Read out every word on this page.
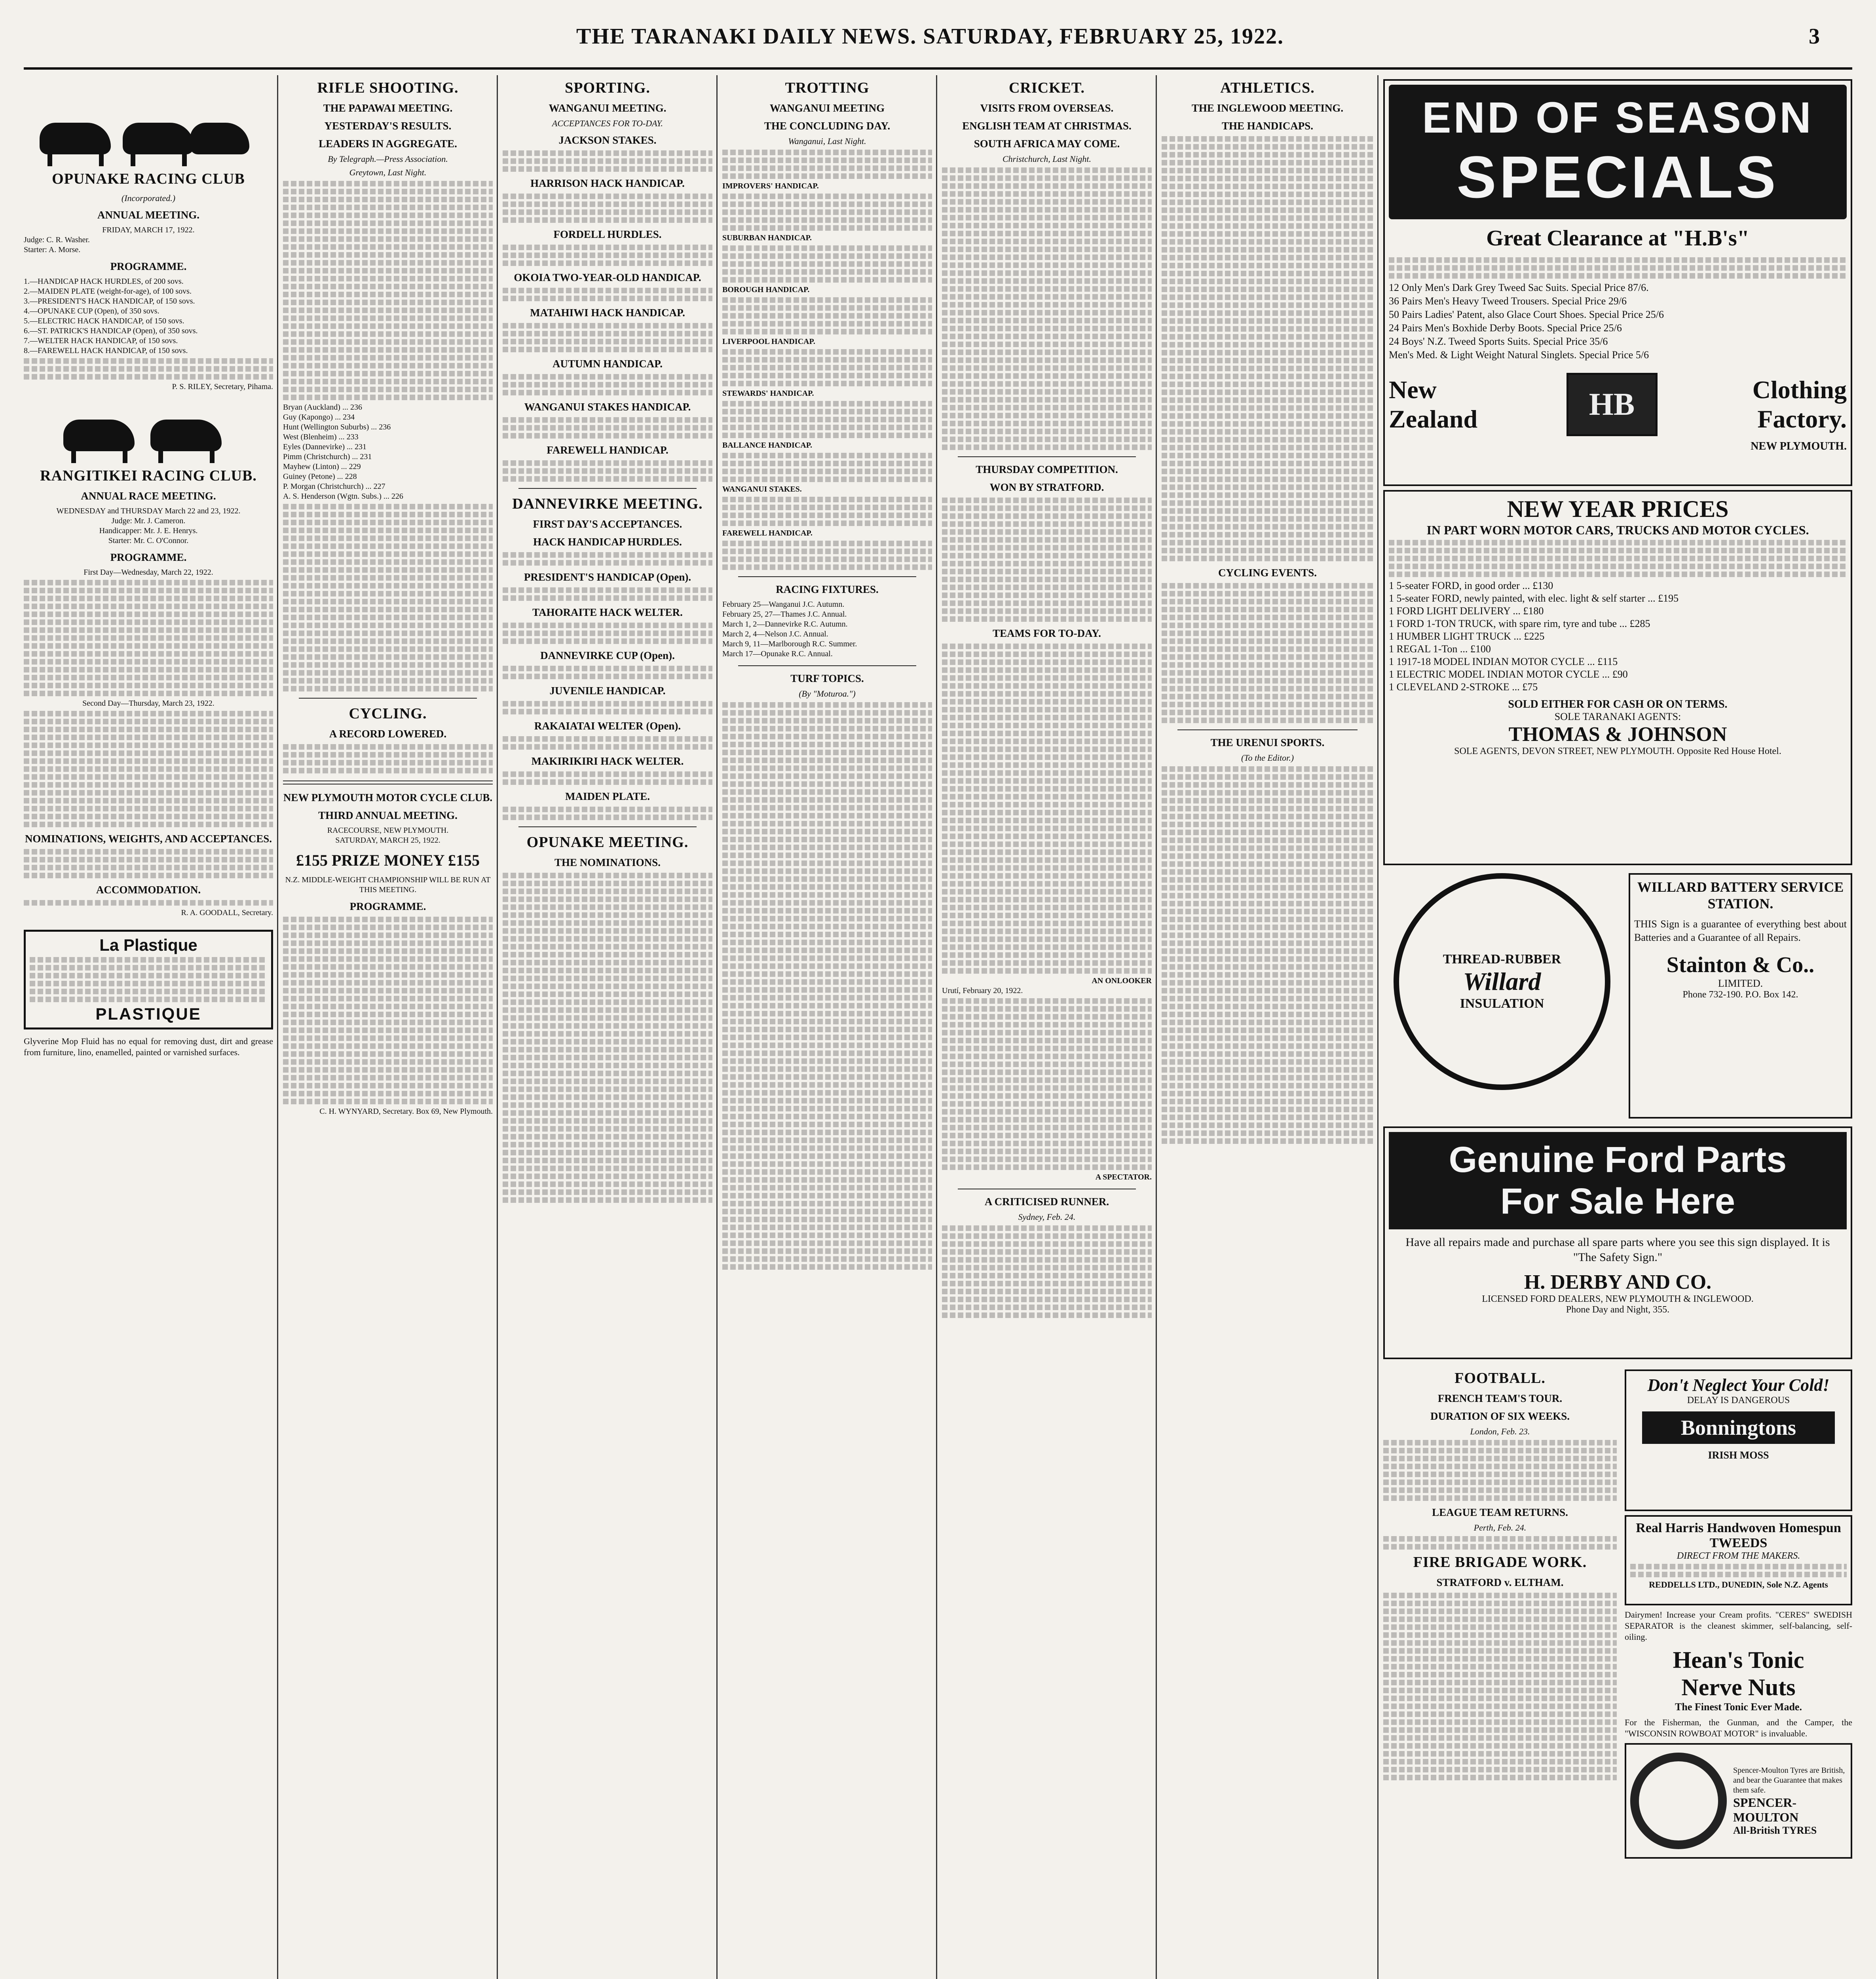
THE TARANAKI DAILY NEWS. SATURDAY, FEBRUARY 25, 1922.	3
OPUNAKE RACING CLUB
(Incorporated.)
ANNUAL MEETING.
FRIDAY, MARCH 17, 1922.
Judge: C. R. Washer.
Starter: A. Morse.
PROGRAMME.
1.—HANDICAP HACK HURDLES, of 200 sovs.
2.—MAIDEN PLATE (weight-for-age), of 100 sovs.
3.—PRESIDENT'S HACK HANDICAP, of 150 sovs.
4.—OPUNAKE CUP (Open), of 350 sovs.
5.—ELECTRIC HACK HANDICAP, of 150 sovs.
6.—ST. PATRICK'S HANDICAP (Open), of 350 sovs.
7.—WELTER HACK HANDICAP, of 150 sovs.
8.—FAREWELL HACK HANDICAP, of 150 sovs.
P. S. RILEY, Secretary, Pihama.
RANGITIKEI RACING CLUB.
ANNUAL RACE MEETING.
WEDNESDAY and THURSDAY March 22 and 23, 1922.
Judge: Mr. J. Cameron.
Handicapper: Mr. J. E. Henrys.
Starter: Mr. C. O'Connor.
PROGRAMME.
First Day—Wednesday, March 22, 1922.
Second Day—Thursday, March 23, 1922.
NOMINATIONS, WEIGHTS, AND ACCEPTANCES.
ACCOMMODATION.
R. A. GOODALL, Secretary.
La Plastique
PLASTIQUE
Glyverine Mop Fluid has no equal for removing dust, dirt and grease from furniture, lino, enamelled, painted or varnished surfaces.
RIFLE SHOOTING.
THE PAPAWAI MEETING.
YESTERDAY'S RESULTS.
LEADERS IN AGGREGATE.
By Telegraph.—Press Association.
Greytown, Last Night.
Bryan (Auckland) ... 236
Guy (Kapongo) ... 234
Hunt (Wellington Suburbs) ... 236
West (Blenheim) ... 233
Eyles (Dannevirke) ... 231
Pimm (Christchurch) ... 231
Mayhew (Linton) ... 229
Guiney (Petone) ... 228
P. Morgan (Christchurch) ... 227
A. S. Henderson (Wgtn. Subs.) ... 226
CYCLING.
A RECORD LOWERED.
NEW PLYMOUTH MOTOR CYCLE CLUB.
THIRD ANNUAL MEETING.
RACECOURSE, NEW PLYMOUTH.
SATURDAY, MARCH 25, 1922.
£155 PRIZE MONEY £155
N.Z. MIDDLE-WEIGHT CHAMPIONSHIP WILL BE RUN AT THIS MEETING.
PROGRAMME.
C. H. WYNYARD, Secretary. Box 69, New Plymouth.
SPORTING.
WANGANUI MEETING.
ACCEPTANCES FOR TO-DAY.
JACKSON STAKES.
HARRISON HACK HANDICAP.
FORDELL HURDLES.
OKOIA TWO-YEAR-OLD HANDICAP.
MATAHIWI HACK HANDICAP.
AUTUMN HANDICAP.
WANGANUI STAKES HANDICAP.
FAREWELL HANDICAP.
DANNEVIRKE MEETING.
FIRST DAY'S ACCEPTANCES.
HACK HANDICAP HURDLES.
PRESIDENT'S HANDICAP (Open).
TAHORAITE HACK WELTER.
DANNEVIRKE CUP (Open).
JUVENILE HANDICAP.
RAKAIATAI WELTER (Open).
MAKIRIKIRI HACK WELTER.
MAIDEN PLATE.
OPUNAKE MEETING.
THE NOMINATIONS.
TROTTING
WANGANUI MEETING
THE CONCLUDING DAY.
Wanganui, Last Night.
IMPROVERS' HANDICAP.
SUBURBAN HANDICAP.
BOROUGH HANDICAP.
LIVERPOOL HANDICAP.
STEWARDS' HANDICAP.
BALLANCE HANDICAP.
WANGANUI STAKES.
FAREWELL HANDICAP.
RACING FIXTURES.
February 25—Wanganui J.C. Autumn.
February 25, 27—Thames J.C. Annual.
March 1, 2—Dannevirke R.C. Autumn.
March 2, 4—Nelson J.C. Annual.
March 9, 11—Marlborough R.C. Summer.
March 17—Opunake R.C. Annual.
TURF TOPICS.
(By "Moturoa.")
CRICKET.
VISITS FROM OVERSEAS.
ENGLISH TEAM AT CHRISTMAS.
SOUTH AFRICA MAY COME.
Christchurch, Last Night.
THURSDAY COMPETITION.
WON BY STRATFORD.
TEAMS FOR TO-DAY.
AN ONLOOKER
Urutí, February 20, 1922.
A SPECTATOR.
A CRITICISED RUNNER.
Sydney, Feb. 24.
ATHLETICS.
THE INGLEWOOD MEETING.
THE HANDICAPS.
CYCLING EVENTS.
THE URENUI SPORTS.
(To the Editor.)
END OF SEASON
SPECIALS
Great Clearance at "H.B's"
12 Only Men's Dark Grey Tweed Sac Suits. Special Price 87/6.
36 Pairs Men's Heavy Tweed Trousers. Special Price 29/6
50 Pairs Ladies' Patent, also Glace Court Shoes. Special Price 25/6
24 Pairs Men's Boxhide Derby Boots. Special Price 25/6
24 Boys' N.Z. Tweed Sports Suits. Special Price 35/6
Men's Med. & Light Weight Natural Singlets. Special Price 5/6
New Zealand	HB	Clothing Factory.
NEW PLYMOUTH.
NEW YEAR PRICES
IN PART WORN MOTOR CARS, TRUCKS AND MOTOR CYCLES.
1 5-seater FORD, in good order ... £130
1 5-seater FORD, newly painted, with elec. light & self starter ... £195
1 FORD LIGHT DELIVERY ... £180
1 FORD 1-TON TRUCK, with spare rim, tyre and tube ... £285
1 HUMBER LIGHT TRUCK ... £225
1 REGAL 1-Ton ... £100
1 1917-18 MODEL INDIAN MOTOR CYCLE ... £115
1 ELECTRIC MODEL INDIAN MOTOR CYCLE ... £90
1 CLEVELAND 2-STROKE ... £75
SOLD EITHER FOR CASH OR ON TERMS.
SOLE TARANAKI AGENTS:
THOMAS & JOHNSON
SOLE AGENTS, DEVON STREET, NEW PLYMOUTH. Opposite Red House Hotel.
THREAD-RUBBER
Willard
INSULATION
WILLARD BATTERY SERVICE STATION.
THIS Sign is a guarantee of everything best about Batteries and a Guarantee of all Repairs.
Stainton & Co..
LIMITED.
Phone 732-190. P.O. Box 142.
Genuine Ford Parts
For Sale Here
Have all repairs made and purchase all spare parts where you see this sign displayed. It is "The Safety Sign."
H. DERBY AND CO.
LICENSED FORD DEALERS, NEW PLYMOUTH & INGLEWOOD.
Phone Day and Night, 355.
FOOTBALL.
FRENCH TEAM'S TOUR.
DURATION OF SIX WEEKS.
London, Feb. 23.
LEAGUE TEAM RETURNS.
Perth, Feb. 24.
FIRE BRIGADE WORK.
STRATFORD v. ELTHAM.
Don't Neglect Your Cold!
DELAY IS DANGEROUS
Bonningtons
IRISH MOSS
Real Harris Handwoven Homespun TWEEDS
DIRECT FROM THE MAKERS.
REDDELLS LTD., DUNEDIN, Sole N.Z. Agents
Dairymen! Increase your Cream profits. "CERES" SWEDISH SEPARATOR is the cleanest skimmer, self-balancing, self-oiling.
Hean's Tonic
Nerve Nuts
The Finest Tonic Ever Made.
For the Fisherman, the Gunman, and the Camper, the "WISCONSIN ROWBOAT MOTOR" is invaluable.
Spencer-Moulton Tyres are British, and bear the Guarantee that makes them safe.
SPENCER-MOULTON
All-British TYRES
